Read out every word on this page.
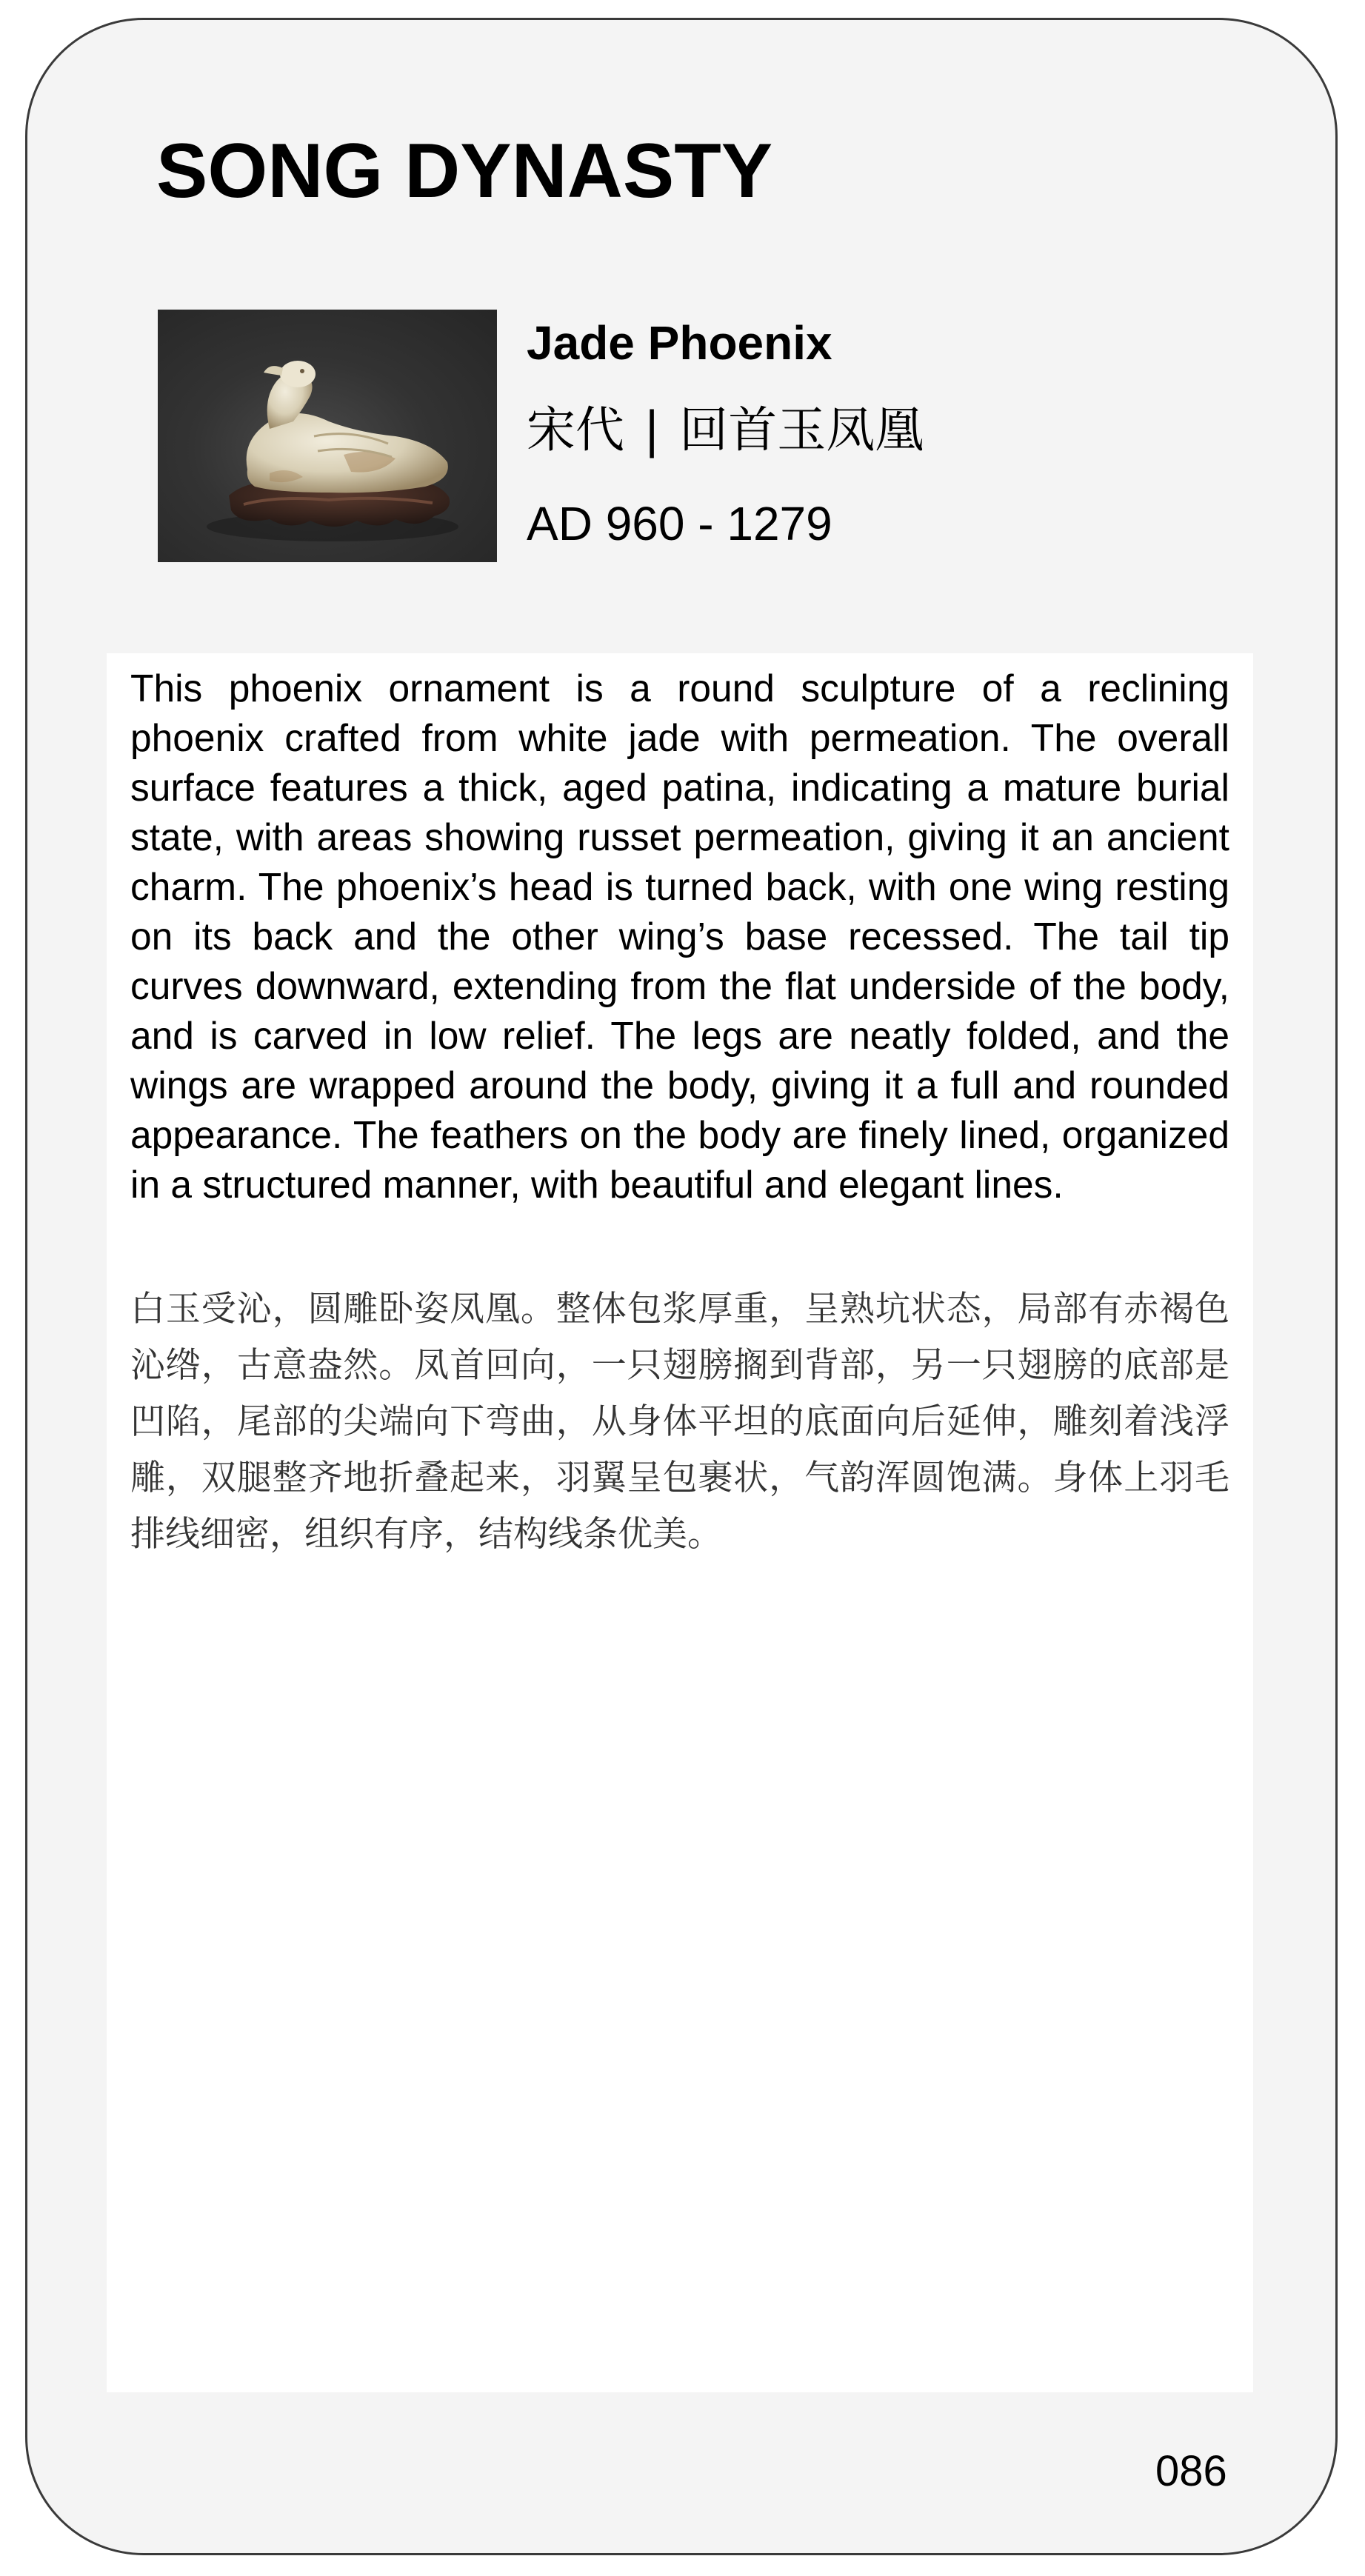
SONG DYNASTY
Jade Phoenix
宋代 | 回首玉凤凰
AD 960 - 1279

This phoenix ornament is a round sculpture of a reclining phoenix crafted from white jade with permeation. The overall surface features a thick, aged patina, indicating a mature burial state, with areas showing russet permeation, giving it an ancient charm. The phoenix’s head is turned back, with one wing resting on its back and the other wing’s base recessed. The tail tip curves downward, extending from the flat underside of the body, and is carved in low relief. The legs are neatly folded, and the wings are wrapped around the body, giving it a full and rounded appearance. The feathers on the body are finely lined, organized in a structured manner, with beautiful and elegant lines.

白玉受沁，圆雕卧姿凤凰。整体包浆厚重，呈熟坑状态，局部有赤褐色沁绺，古意盎然。凤首回向，一只翅膀搁到背部，另一只翅膀的底部是凹陷，尾部的尖端向下弯曲，从身体平坦的底面向后延伸，雕刻着浅浮雕，双腿整齐地折叠起来，羽翼呈包裹状，气韵浑圆饱满。身体上羽毛排线细密，组织有序，结构线条优美。

086
